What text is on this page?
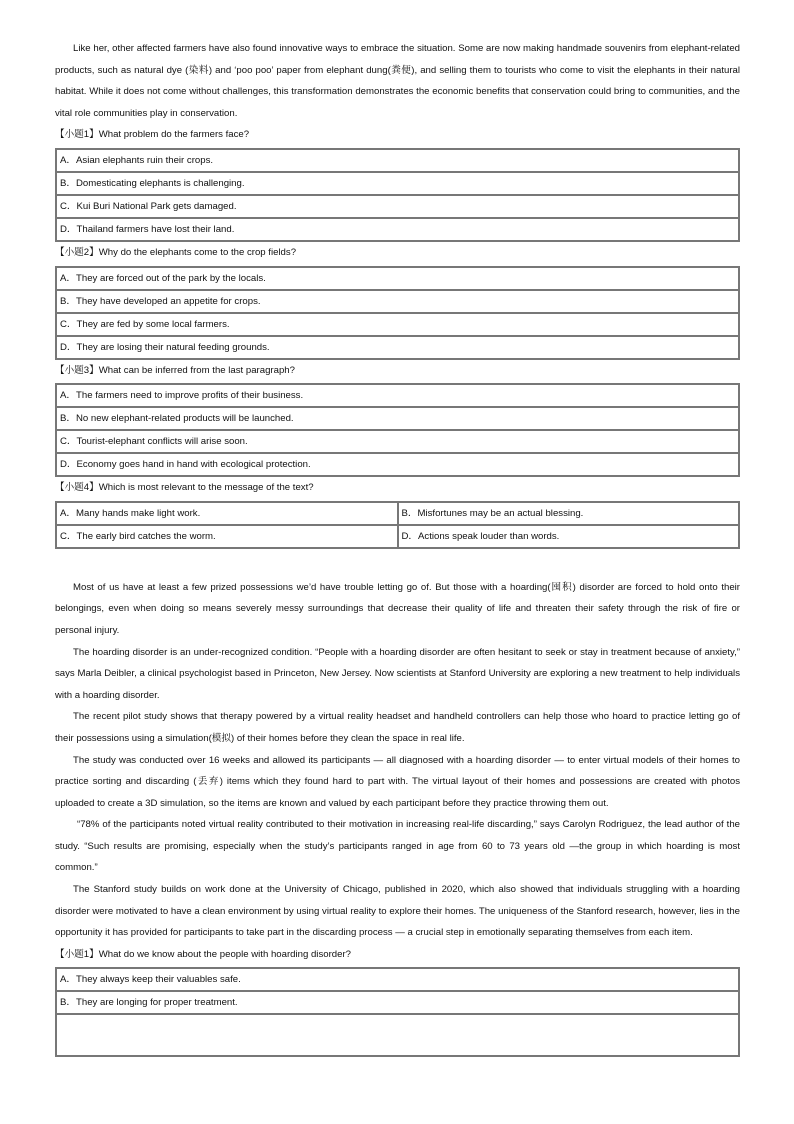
Like her, other affected farmers have also found innovative ways to embrace the situation. Some are now making handmade souvenirs from elephant-related products, such as natural dye (染料) and ‘poo poo’ paper from elephant dung(粪便), and selling them to tourists who come to visit the elephants in their natural habitat. While it does not come without challenges, this transformation demonstrates the economic benefits that conservation could bring to communities, and the vital role communities play in conservation.

【小题1】What problem do the farmers face?

A．Asian elephants ruin their crops.
B．Domesticating elephants is challenging.
C．Kui Buri National Park gets damaged.
D．Thailand farmers have lost their land.

【小题2】Why do the elephants come to the crop fields?

A．They are forced out of the park by the locals.
B．They have developed an appetite for crops.
C．They are fed by some local farmers.
D．They are losing their natural feeding grounds.

【小题3】What can be inferred from the last paragraph?

A．The farmers need to improve profits of their business.
B．No new elephant-related products will be launched.
C．Tourist-elephant conflicts will arise soon.
D．Economy goes hand in hand with ecological protection.

【小题4】Which is most relevant to the message of the text?

A．Many hands make light work.	B．Misfortunes may be an actual blessing.
C．The early bird catches the worm.	D．Actions speak louder than words.

Most of us have at least a few prized possessions we’d have trouble letting go of. But those with a hoarding(囤积) disorder are forced to hold onto their belongings, even when doing so means severely messy surroundings that decrease their quality of life and threaten their safety through the risk of fire or personal injury.

The hoarding disorder is an under-recognized condition. “People with a hoarding disorder are often hesitant to seek or stay in treatment because of anxiety,” says Marla Deibler, a clinical psychologist based in Princeton, New Jersey. Now scientists at Stanford University are exploring a new treatment to help individuals with a hoarding disorder.

The recent pilot study shows that therapy powered by a virtual reality headset and handheld controllers can help those who hoard to practice letting go of their possessions using a simulation(模拟) of their homes before they clean the space in real life.

The study was conducted over 16 weeks and allowed its participants — all diagnosed with a hoarding disorder — to enter virtual models of their homes to practice sorting and discarding (丢弃) items which they found hard to part with. The virtual layout of their homes and possessions are created with photos uploaded to create a 3D simulation, so the items are known and valued by each participant before they practice throwing them out.

“78% of the participants noted virtual reality contributed to their motivation in increasing real-life discarding,” says Carolyn Rodriguez, the lead author of the study. “Such results are promising, especially when the study’s participants ranged in age from 60 to 73 years old —the group in which hoarding is most common.”

The Stanford study builds on work done at the University of Chicago, published in 2020, which also showed that individuals struggling with a hoarding disorder were motivated to have a clean environment by using virtual reality to explore their homes. The uniqueness of the Stanford research, however, lies in the opportunity it has provided for participants to take part in the discarding process — a crucial step in emotionally separating themselves from each item.

【小题1】What do we know about the people with hoarding disorder?

A．They always keep their valuables safe.
B．They are longing for proper treatment.
